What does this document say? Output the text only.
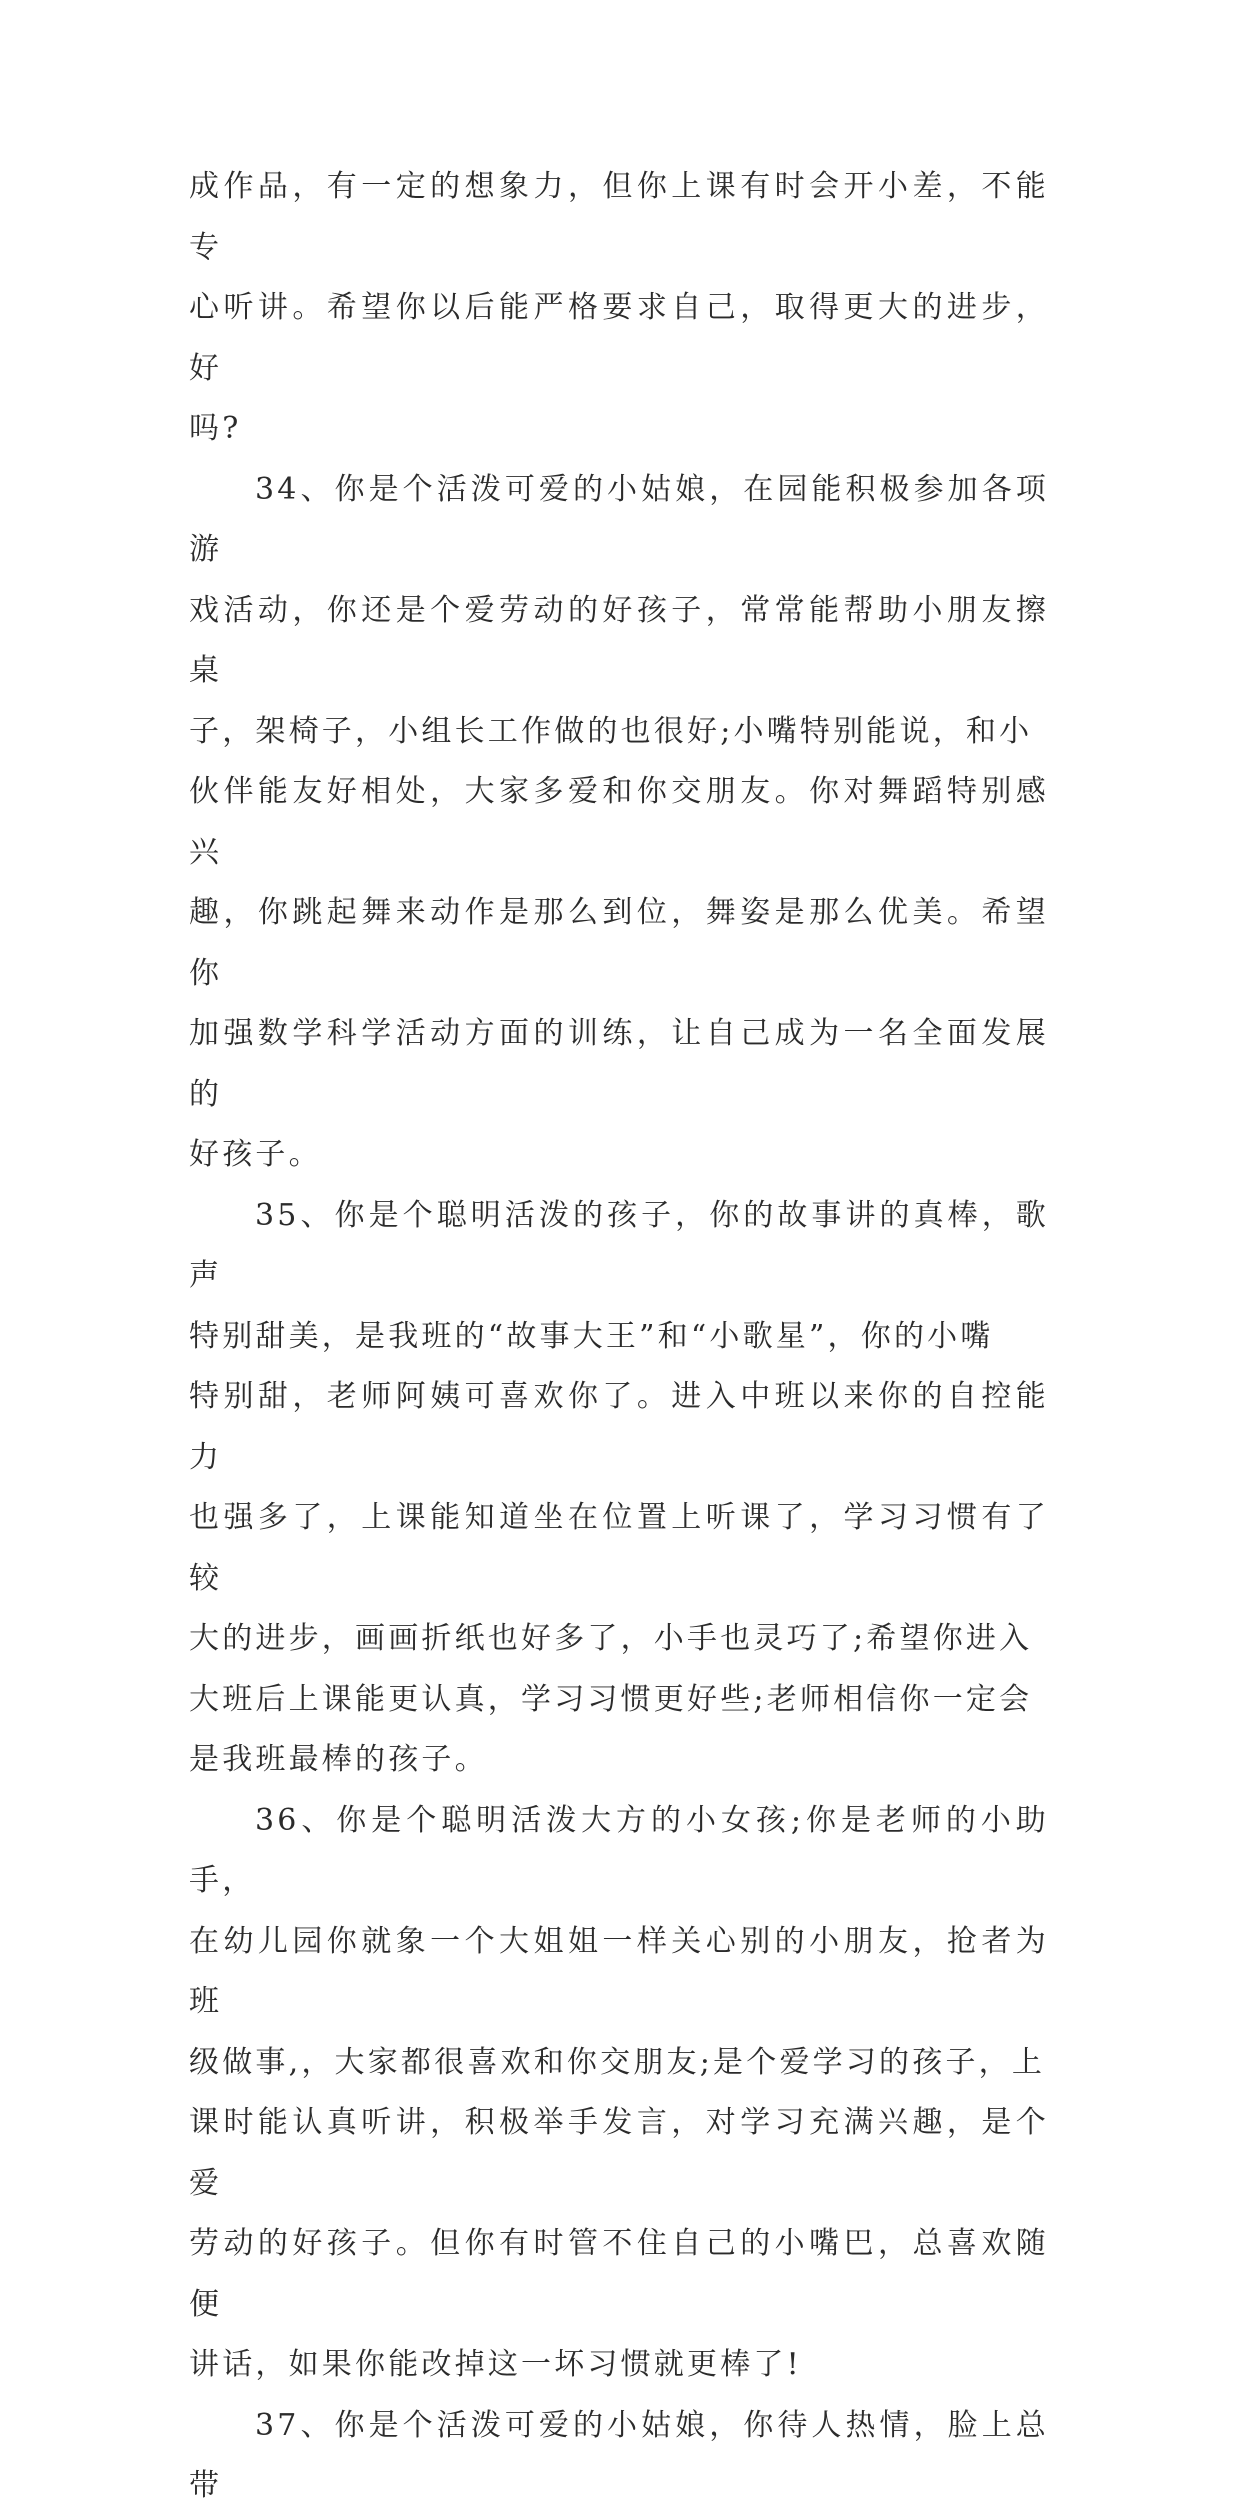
成作品，有一定的想象力，但你上课有时会开小差，不能专
心听讲。希望你以后能严格要求自己，取得更大的进步，好
吗?
34、你是个活泼可爱的小姑娘，在园能积极参加各项游
戏活动，你还是个爱劳动的好孩子，常常能帮助小朋友擦桌
子，架椅子，小组长工作做的也很好;小嘴特别能说，和小
伙伴能友好相处，大家多爱和你交朋友。你对舞蹈特别感兴
趣，你跳起舞来动作是那么到位，舞姿是那么优美。希望你
加强数学科学活动方面的训练，让自己成为一名全面发展的
好孩子。
35、你是个聪明活泼的孩子，你的故事讲的真棒，歌声
特别甜美，是我班的“故事大王”和“小歌星”，你的小嘴
特别甜，老师阿姨可喜欢你了。进入中班以来你的自控能力
也强多了，上课能知道坐在位置上听课了，学习习惯有了较
大的进步，画画折纸也好多了，小手也灵巧了;希望你进入
大班后上课能更认真，学习习惯更好些;老师相信你一定会
是我班最棒的孩子。
36、你是个聪明活泼大方的小女孩;你是老师的小助手，
在幼儿园你就象一个大姐姐一样关心别的小朋友，抢者为班
级做事,，大家都很喜欢和你交朋友;是个爱学习的孩子，上
课时能认真听讲，积极举手发言，对学习充满兴趣，是个爱
劳动的好孩子。但你有时管不住自己的小嘴巴，总喜欢随便
讲话，如果你能改掉这一坏习惯就更棒了!
37、你是个活泼可爱的小姑娘，你待人热情，脸上总带
